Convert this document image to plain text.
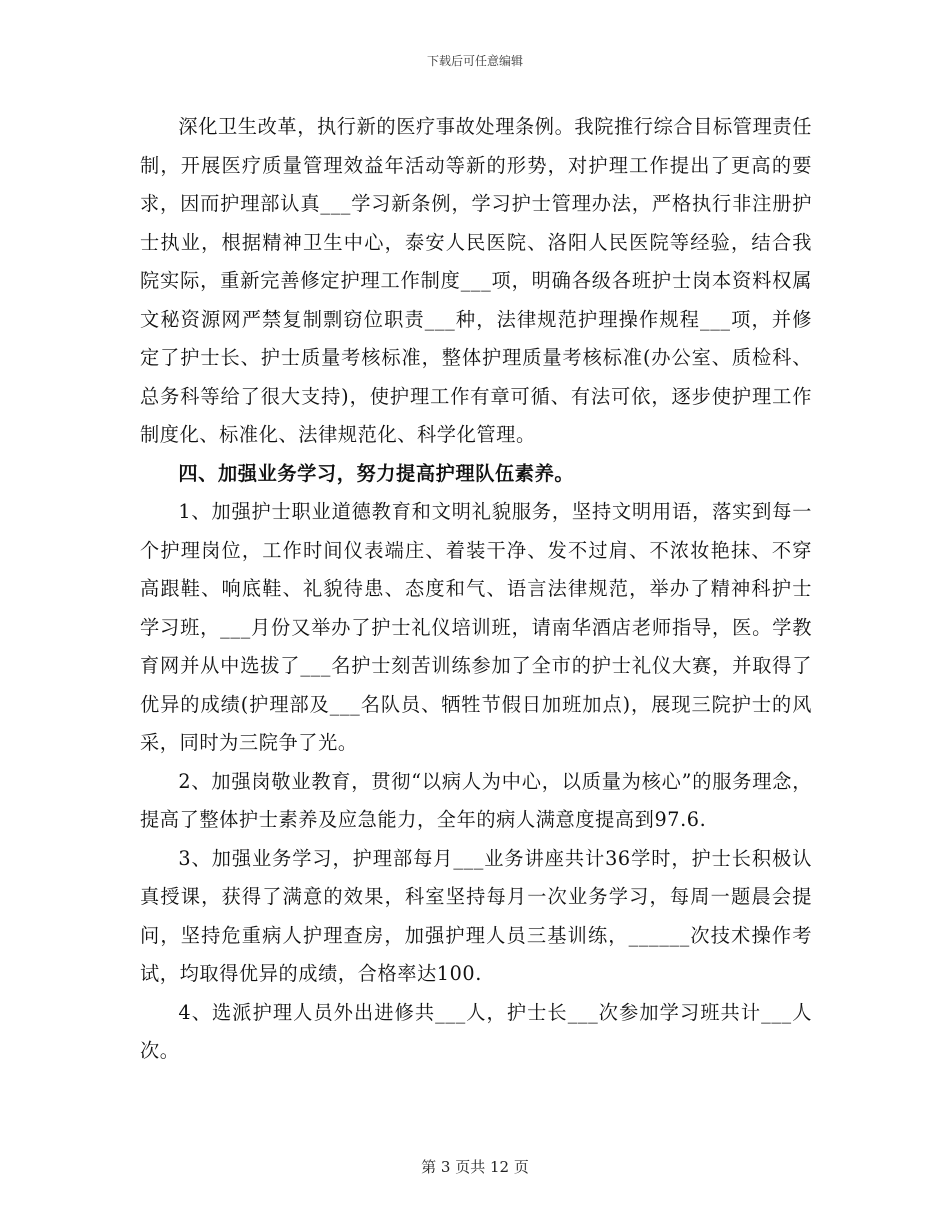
下载后可任意编辑

深化卫生改革，执行新的医疗事故处理条例。我院推行综合目标管理责任制，开展医疗质量管理效益年活动等新的形势，对护理工作提出了更高的要求，因而护理部认真___学习新条例，学习护士管理办法，严格执行非注册护士执业，根据精神卫生中心，泰安人民医院、洛阳人民医院等经验，结合我院实际，重新完善修定护理工作制度___项，明确各级各班护士岗本资料权属文秘资源网严禁复制剽窃位职责___种，法律规范护理操作规程___项，并修定了护士长、护士质量考核标准，整体护理质量考核标准(办公室、质检科、总务科等给了很大支持)，使护理工作有章可循、有法可依，逐步使护理工作制度化、标准化、法律规范化、科学化管理。

四、加强业务学习，努力提高护理队伍素养。

1、加强护士职业道德教育和文明礼貌服务，坚持文明用语，落实到每一个护理岗位，工作时间仪表端庄、着装干净、发不过肩、不浓妆艳抹、不穿高跟鞋、响底鞋、礼貌待患、态度和气、语言法律规范，举办了精神科护士学习班，___月份又举办了护士礼仪培训班，请南华酒店老师指导，医。学教育网并从中选拔了___名护士刻苦训练参加了全市的护士礼仪大赛，并取得了优异的成绩(护理部及___名队员、牺牲节假日加班加点)，展现三院护士的风采，同时为三院争了光。

2、加强岗敬业教育，贯彻“以病人为中心，以质量为核心”的服务理念，提高了整体护士素养及应急能力，全年的病人满意度提高到97.6.

3、加强业务学习，护理部每月___业务讲座共计36学时，护士长积极认真授课，获得了满意的效果，科室坚持每月一次业务学习，每周一题晨会提问，坚持危重病人护理查房，加强护理人员三基训练，______次技术操作考试，均取得优异的成绩，合格率达100.

4、选派护理人员外出进修共___人，护士长___次参加学习班共计___人次。

第 3 页共 12 页
